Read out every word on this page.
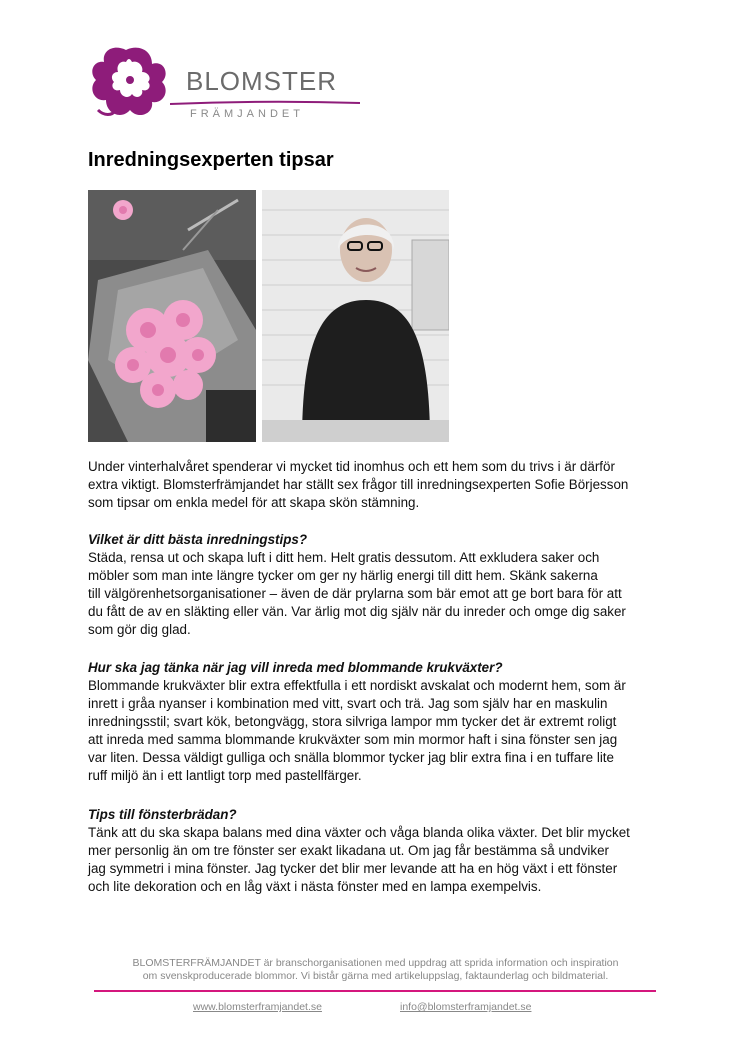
BLOMSTER
FRÄMJANDET
Inredningsexperten tipsar

Under vinterhalvåret spenderar vi mycket tid inomhus och ett hem som du trivs i är därför
extra viktigt. Blomsterfrämjandet har ställt sex frågor till inredningsexperten Sofie Börjesson
som tipsar om enkla medel för att skapa skön stämning.

Vilket är ditt bästa inredningstips?

Städa, rensa ut och skapa luft i ditt hem. Helt gratis dessutom. Att exkludera saker och
möbler som man inte längre tycker om ger ny härlig energi till ditt hem. Skänk sakerna
till välgörenhetsorganisationer – även de där prylarna som bär emot att ge bort bara för att
du fått de av en släkting eller vän. Var ärlig mot dig själv när du inreder och omge dig saker
som gör dig glad.

Hur ska jag tänka när jag vill inreda med blommande krukväxter?

Blommande krukväxter blir extra effektfulla i ett nordiskt avskalat och modernt hem, som är
inrett i gråa nyanser i kombination med vitt, svart och trä. Jag som själv har en maskulin
inredningsstil; svart kök, betongvägg, stora silvriga lampor mm tycker det är extremt roligt
att inreda med samma blommande krukväxter som min mormor haft i sina fönster sen jag
var liten. Dessa väldigt gulliga och snälla blommor tycker jag blir extra fina i en tuffare lite
ruff miljö än i ett lantligt torp med pastellfärger.

Tips till fönsterbrädan?

Tänk att du ska skapa balans med dina växter och våga blanda olika växter. Det blir mycket
mer personlig än om tre fönster ser exakt likadana ut. Om jag får bestämma så undviker
jag symmetri i mina fönster. Jag tycker det blir mer levande att ha en hög växt i ett fönster
och lite dekoration och en låg växt i nästa fönster med en lampa exempelvis.

BLOMSTERFRÄMJANDET är branschorganisationen med uppdrag att sprida information och inspiration
om svenskproducerade blommor. Vi bistår gärna med artikeluppslag, faktaunderlag och bildmaterial.
www.blomsterframjandet.se	info@blomsterframjandet.se
